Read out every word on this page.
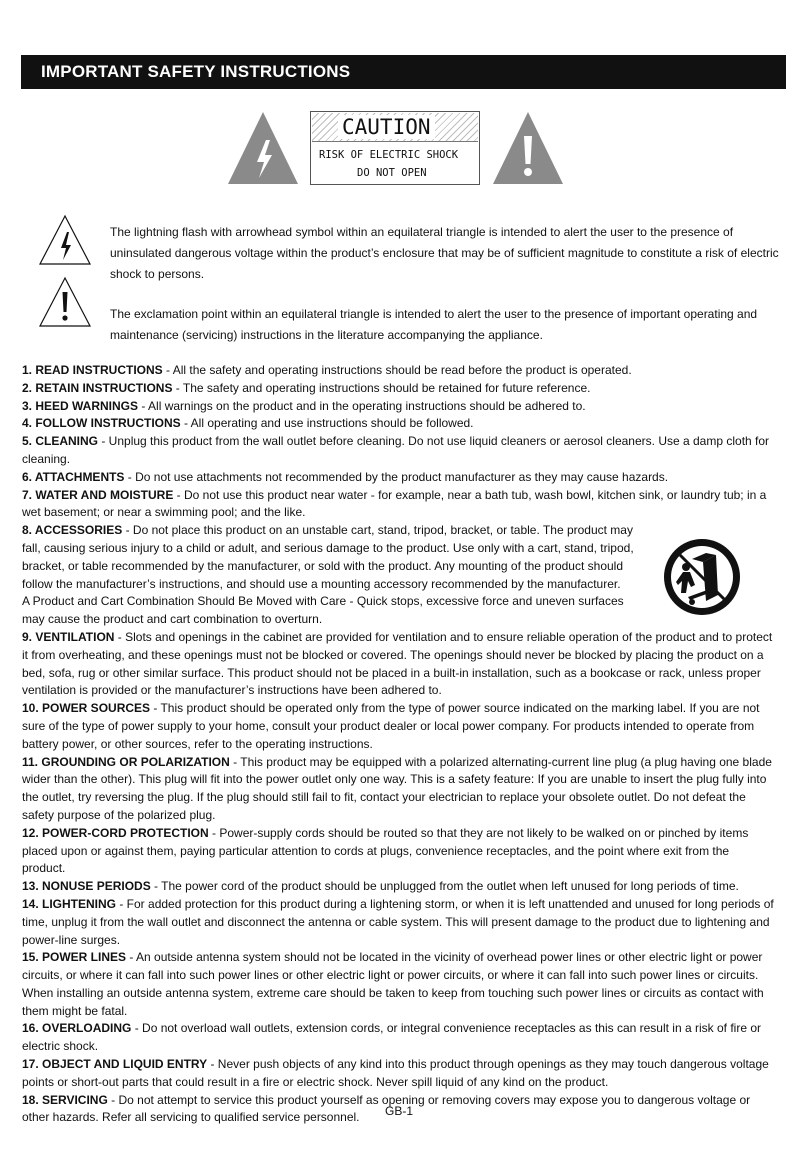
IMPORTANT SAFETY INSTRUCTIONS
CAUTION
RISK OF ELECTRIC SHOCK
DO NOT OPEN
The lightning flash with arrowhead symbol within an equilateral triangle is intended to alert the user to the presence of uninsulated dangerous voltage within the product’s enclosure that may be of sufficient magnitude to constitute a risk of electric shock to persons.
The exclamation point within an equilateral triangle is intended to alert the user to the presence of important operating and maintenance (servicing) instructions in the literature accompanying the appliance.

1. READ INSTRUCTIONS - All the safety and operating instructions should be read before the product is operated.

2. RETAIN INSTRUCTIONS - The safety and operating instructions should be retained for future reference.

3. HEED WARNINGS - All warnings on the product and in the operating instructions should be adhered to.

4. FOLLOW INSTRUCTIONS - All operating and use instructions should be followed.

5. CLEANING - Unplug this product from the wall outlet before cleaning. Do not use liquid cleaners or aerosol cleaners. Use a damp cloth for cleaning.

6. ATTACHMENTS - Do not use attachments not recommended by the product manufacturer as they may cause hazards.

7. WATER AND MOISTURE - Do not use this product near water - for example, near a bath tub, wash bowl, kitchen sink, or laundry tub; in a wet basement; or near a swimming pool; and the like.

8. ACCESSORIES - Do not place this product on an unstable cart, stand, tripod, bracket, or table. The product may fall, causing serious injury to a child or adult, and serious damage to the product. Use only with a cart, stand, tripod, bracket, or table recommended by the manufacturer, or sold with the product. Any mounting of the product should follow the manufacturer’s instructions, and should use a mounting accessory recommended by the manufacturer.

A Product and Cart Combination Should Be Moved with Care - Quick stops, excessive force and uneven surfaces may cause the product and cart combination to overturn.

9. VENTILATION - Slots and openings in the cabinet are provided for ventilation and to ensure reliable operation of the product and to protect it from overheating, and these openings must not be blocked or covered. The openings should never be blocked by placing the product on a bed, sofa, rug or other similar surface. This product should not be placed in a built-in installation, such as a bookcase or rack, unless proper ventilation is provided or the manufacturer’s instructions have been adhered to.

10. POWER SOURCES - This product should be operated only from the type of power source indicated on the marking label. If you are not sure of the type of power supply to your home, consult your product dealer or local power company. For products intended to operate from battery power, or other sources, refer to the operating instructions.

11. GROUNDING OR POLARIZATION - This product may be equipped with a polarized alternating-current line plug (a plug having one blade wider than the other). This plug will fit into the power outlet only one way. This is a safety feature: If you are unable to insert the plug fully into the outlet, try reversing the plug. If the plug should still fail to fit, contact your electrician to replace your obsolete outlet. Do not defeat the safety purpose of the polarized plug.

12. POWER-CORD PROTECTION - Power-supply cords should be routed so that they are not likely to be walked on or pinched by items placed upon or against them, paying particular attention to cords at plugs, convenience receptacles, and the point where exit from the product.

13. NONUSE PERIODS - The power cord of the product should be unplugged from the outlet when left unused for long periods of time.

14. LIGHTENING - For added protection for this product during a lightening storm, or when it is left unattended and unused for long periods of time, unplug it from the wall outlet and disconnect the antenna or cable system. This will present damage to the product due to lightening and power-line surges.

15. POWER LINES - An outside antenna system should not be located in the vicinity of overhead power lines or other electric light or power circuits, or where it can fall into such power lines or other electric light or power circuits, or where it can fall into such power lines or circuits. When installing an outside antenna system, extreme care should be taken to keep from touching such power lines or circuits as contact with them might be fatal.

16. OVERLOADING - Do not overload wall outlets, extension cords, or integral convenience receptacles as this can result in a risk of fire or electric shock.

17. OBJECT AND LIQUID ENTRY - Never push objects of any kind into this product through openings as they may touch dangerous voltage points or short-out parts that could result in a fire or electric shock. Never spill liquid of any kind on the product.

18. SERVICING - Do not attempt to service this product yourself as opening or removing covers may expose you to dangerous voltage or other hazards. Refer all servicing to qualified service personnel.	GB-1
